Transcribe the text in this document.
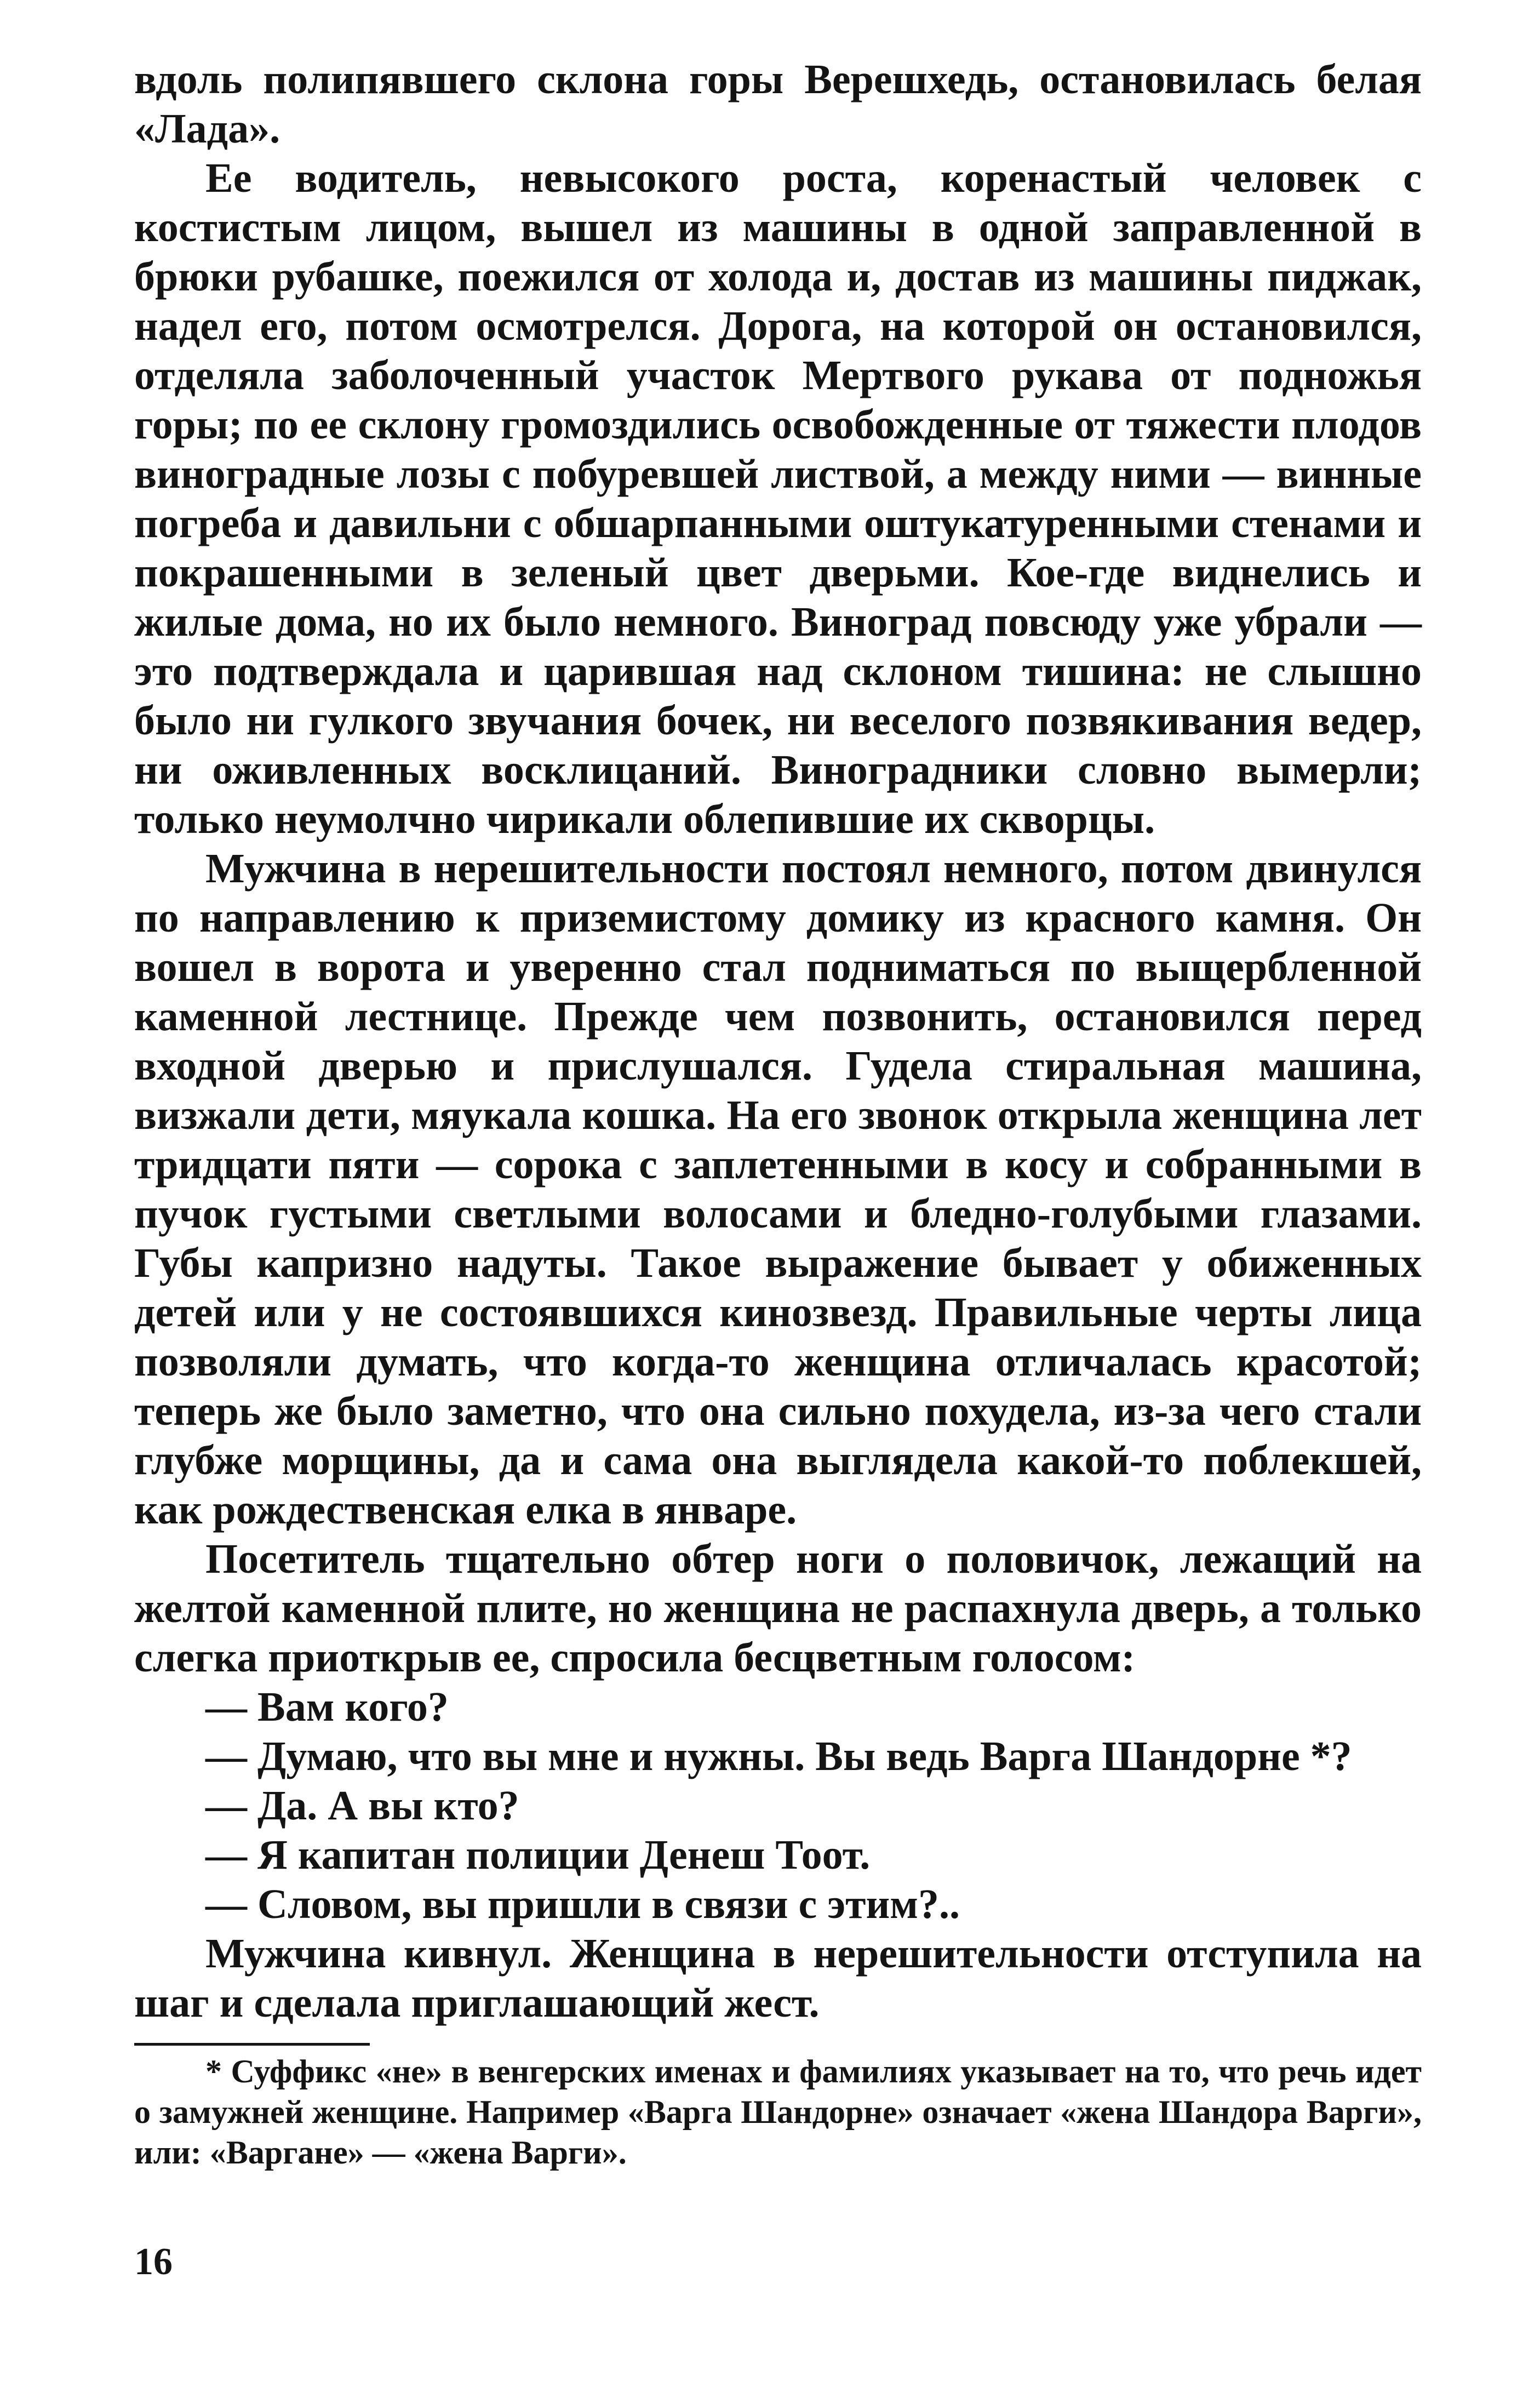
вдоль полипявшего склона горы Верешхедь, остановилась белая «Лада».

Ее водитель, невысокого роста, коренастый человек с костистым лицом, вышел из машины в одной заправленной в брюки рубашке, поежился от холода и, достав из машины пиджак, надел его, потом осмотрелся. Дорога, на которой он остановился, отделяла заболоченный участок Мертвого рукава от подножья горы; по ее склону громоздились освобожденные от тяжести плодов виноградные лозы с побуревшей листвой, а между ними — винные погреба и давильни с обшарпанными оштукатуренными стенами и покрашенными в зеленый цвет дверьми. Кое-где виднелись и жилые дома, но их было немного. Виноград повсюду уже убрали — это подтверждала и царившая над склоном тишина: не слышно было ни гулкого звучания бочек, ни веселого позвякивания ведер, ни оживленных восклицаний. Виноградники словно вымерли; только неумолчно чирикали облепившие их скворцы.

Мужчина в нерешительности постоял немного, потом двинулся по направлению к приземистому домику из красного камня. Он вошел в ворота и уверенно стал подниматься по выщербленной каменной лестнице. Прежде чем позвонить, остановился перед входной дверью и прислушался. Гудела стиральная машина, визжали дети, мяукала кошка. На его звонок открыла женщина лет тридцати пяти — сорока с заплетенными в косу и собранными в пучок густыми светлыми волосами и бледно-голубыми глазами. Губы капризно надуты. Такое выражение бывает у обиженных детей или у не состоявшихся кинозвезд. Правильные черты лица позволяли думать, что когда-то женщина отличалась красотой; теперь же было заметно, что она сильно похудела, из-за чего стали глубже морщины, да и сама она выглядела какой-то поблекшей, как рождественская елка в январе.

Посетитель тщательно обтер ноги о половичок, лежащий на желтой каменной плите, но женщина не распахнула дверь, а только слегка приоткрыв ее, спросила бесцветным голосом:

— Вам кого?

— Думаю, что вы мне и нужны. Вы ведь Варга Шандорне *?

— Да. А вы кто?

— Я капитан полиции Денеш Тоот.

— Словом, вы пришли в связи с этим?..

Мужчина кивнул. Женщина в нерешительности отступила на шаг и сделала приглашающий жест.

* Суффикс «не» в венгерских именах и фамилиях указывает на то, что речь идет о замужней женщине. Например «Варга Шандорне» означает «жена Шандора Варги», или: «Варгане» — «жена Варги».

16
